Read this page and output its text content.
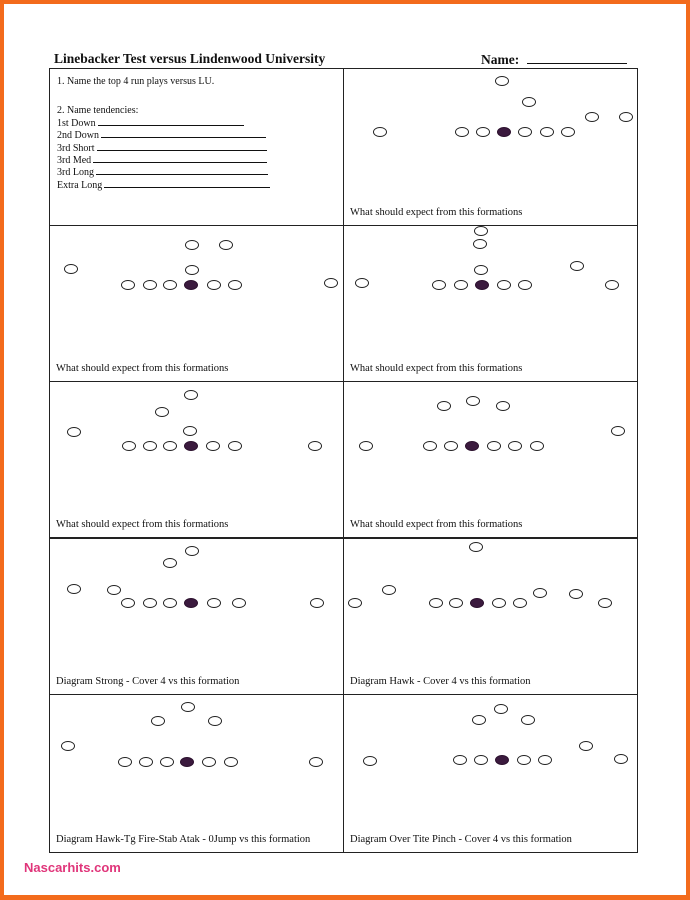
Linebacker Test versus Lindenwood University	Name:
1. Name the top 4 run plays versus LU.
2. Name tendencies:
1st Down
2nd Down
3rd Short
3rd Med
3rd Long
Extra Long
What should expect from this formations
What should expect from this formations	What should expect from this formations
What should expect from this formations	What should expect from this formations
Diagram Strong - Cover 4 vs this formation	Diagram Hawk - Cover 4 vs this formation
Diagram Hawk-Tg Fire-Stab Atak - 0Jump vs this formation	Diagram Over Tite Pinch - Cover 4 vs this formation
Nascarhits.com
